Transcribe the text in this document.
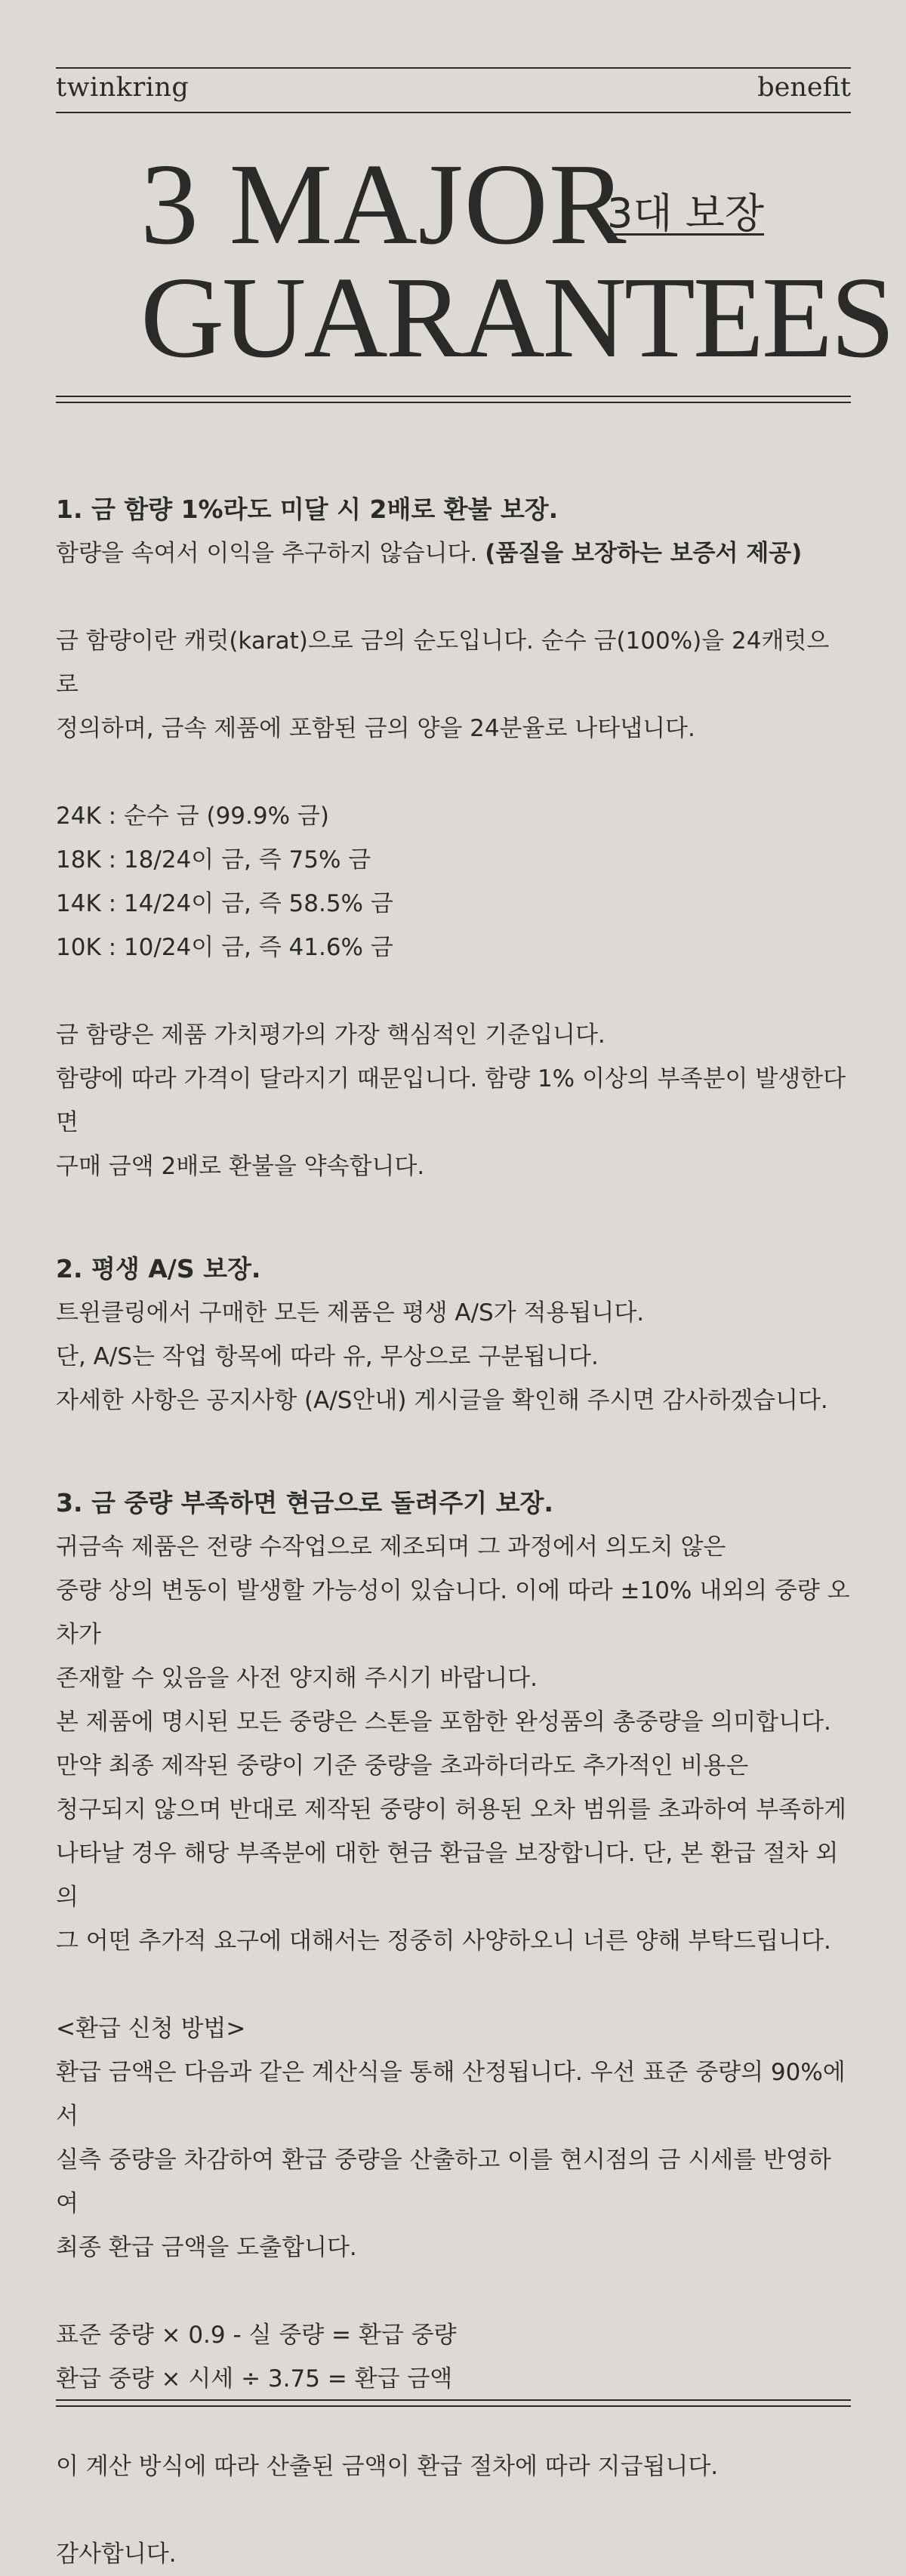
twinkring	benefit
3 MAJOR
GUARANTEES
3대 보장

1. 금 함량 1%라도 미달 시 2배로 환불 보장.

함량을 속여서 이익을 추구하지 않습니다. (품질을 보장하는 보증서 제공)

금 함량이란 캐럿(karat)으로 금의 순도입니다. 순수 금(100%)을 24캐럿으로

정의하며, 금속 제품에 포함된 금의 양을 24분율로 나타냅니다.

24K : 순수 금 (99.9% 금)

18K : 18/24이 금, 즉 75% 금

14K : 14/24이 금, 즉 58.5% 금

10K : 10/24이 금, 즉 41.6% 금

금 함량은 제품 가치평가의 가장 핵심적인 기준입니다.

함량에 따라 가격이 달라지기 때문입니다. 함량 1% 이상의 부족분이 발생한다면

구매 금액 2배로 환불을 약속합니다.

2. 평생 A/S 보장.

트윈클링에서 구매한 모든 제품은 평생 A/S가 적용됩니다.

단, A/S는 작업 항목에 따라 유, 무상으로 구분됩니다.

자세한 사항은 공지사항 (A/S안내) 게시글을 확인해 주시면 감사하겠습니다.

3. 금 중량 부족하면 현금으로 돌려주기 보장.

귀금속 제품은 전량 수작업으로 제조되며 그 과정에서 의도치 않은

중량 상의 변동이 발생할 가능성이 있습니다. 이에 따라 ±10% 내외의 중량 오차가

존재할 수 있음을 사전 양지해 주시기 바랍니다.

본 제품에 명시된 모든 중량은 스톤을 포함한 완성품의 총중량을 의미합니다.

만약 최종 제작된 중량이 기준 중량을 초과하더라도 추가적인 비용은

청구되지 않으며 반대로 제작된 중량이 허용된 오차 범위를 초과하여 부족하게

나타날 경우 해당 부족분에 대한 현금 환급을 보장합니다. 단, 본 환급 절차 외의

그 어떤 추가적 요구에 대해서는 정중히 사양하오니 너른 양해 부탁드립니다.

<환급 신청 방법>

환급 금액은 다음과 같은 계산식을 통해 산정됩니다. 우선 표준 중량의 90%에서

실측 중량을 차감하여 환급 중량을 산출하고 이를 현시점의 금 시세를 반영하여

최종 환급 금액을 도출합니다.

표준 중량 × 0.9 - 실 중량 = 환급 중량

환급 중량 × 시세 ÷ 3.75 = 환급 금액

이 계산 방식에 따라 산출된 금액이 환급 절차에 따라 지급됩니다.

감사합니다.
